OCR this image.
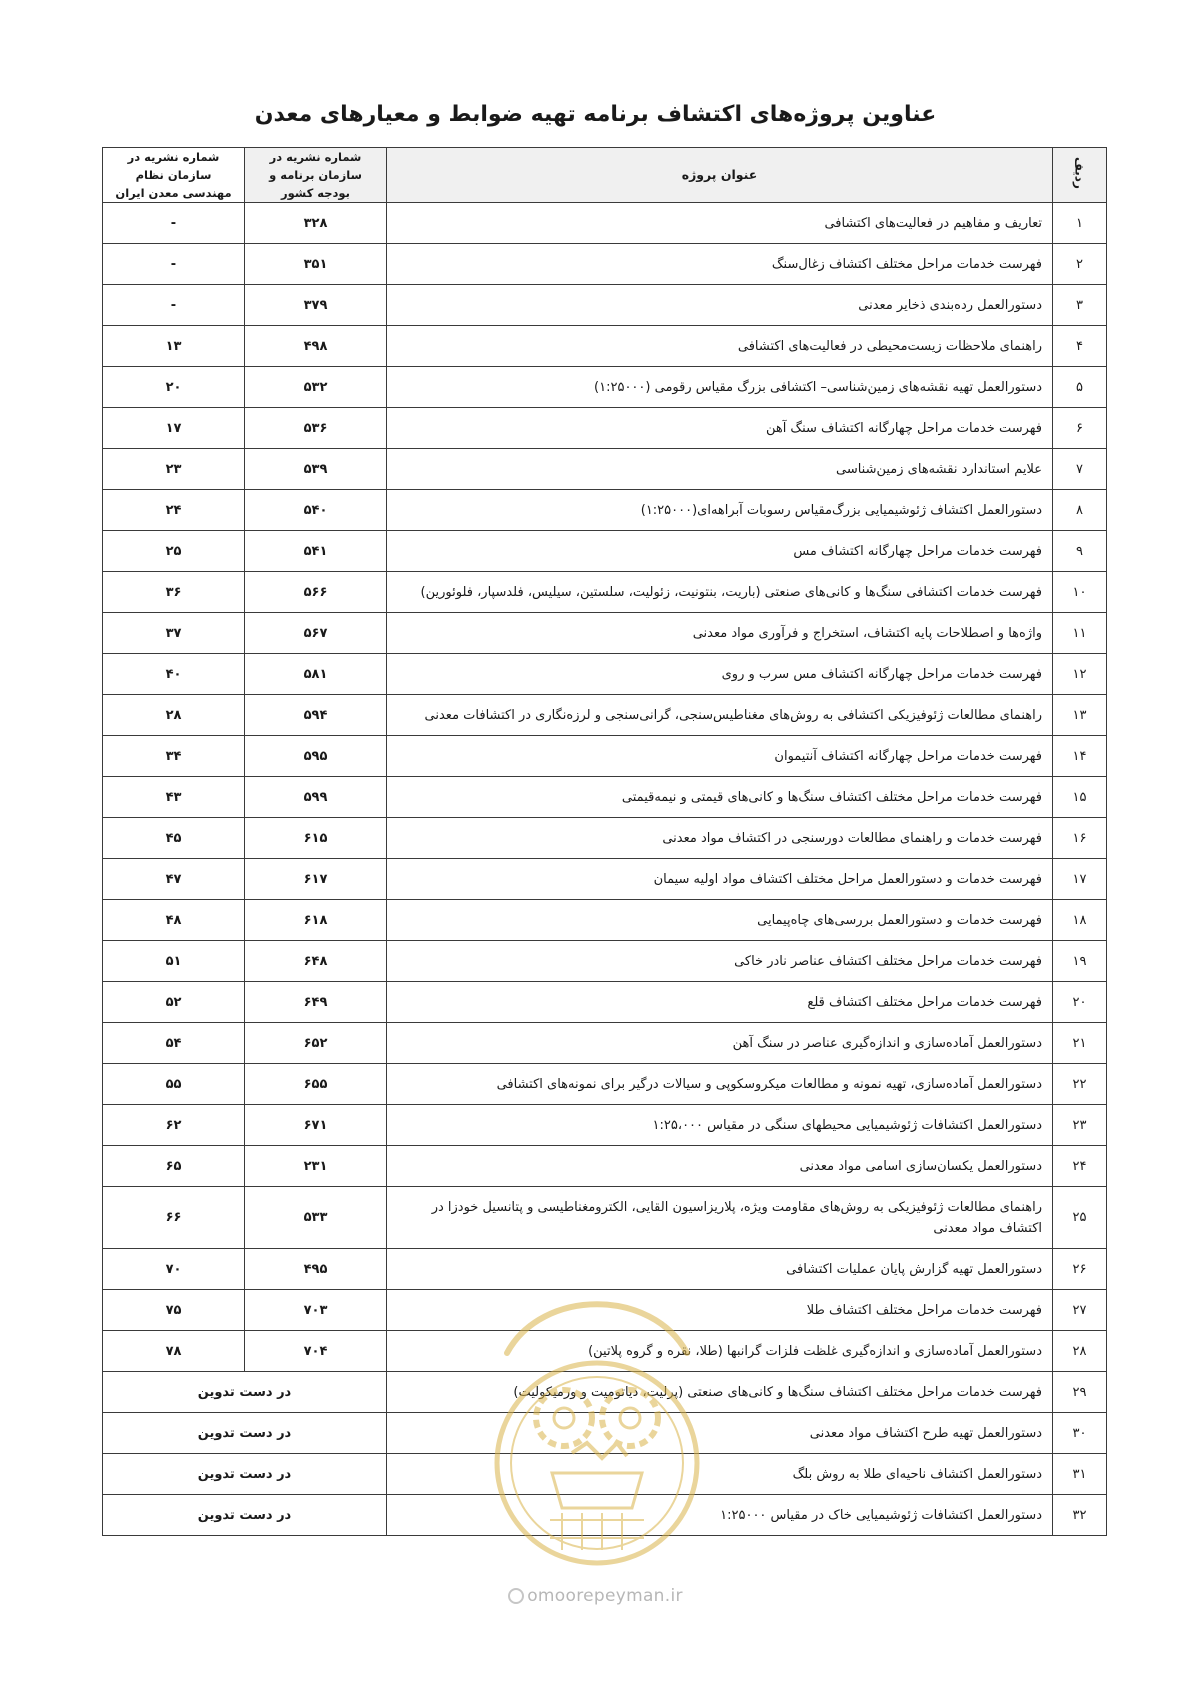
عناوین پروژه‌های اکتشاف برنامه تهیه ضوابط و معیارهای معدن
ردیف	عنوان پروژه	شماره نشریه در سازمان برنامه و بودجه کشور	شماره نشریه در سازمان نظام مهندسی معدن ایران
۱	تعاریف و مفاهیم در فعالیت‌های اکتشافی	۳۲۸	-
۲	فهرست خدمات مراحل مختلف اکتشاف زغال‌سنگ	۳۵۱	-
۳	دستورالعمل رده‌بندی ذخایر معدنی	۳۷۹	-
۴	راهنمای ملاحظات زیست‌محیطی در فعالیت‌های اکتشافی	۴۹۸	۱۳
۵	دستورالعمل تهیه نقشه‌های زمین‌شناسی– اکتشافی بزرگ مقیاس رقومی (۱:۲۵۰۰۰)	۵۳۲	۲۰
۶	فهرست خدمات مراحل چهارگانه اکتشاف سنگ آهن	۵۳۶	۱۷
۷	علایم استاندارد نقشه‌های زمین‌شناسی	۵۳۹	۲۳
۸	دستورالعمل اکتشاف ژئوشیمیایی بزرگ‌مقیاس رسوبات آبراهه‌ای(۱:۲۵۰۰۰)	۵۴۰	۲۴
۹	فهرست خدمات مراحل چهارگانه اکتشاف مس	۵۴۱	۲۵
۱۰	فهرست خدمات اکتشافی سنگ‌ها و کانی‌های صنعتی (باریت، بنتونیت، زئولیت، سلستین، سیلیس، فلدسپار، فلوئورین)	۵۶۶	۳۶
۱۱	واژه‌ها و اصطلاحات پایه اکتشاف، استخراج و فرآوری مواد معدنی	۵۶۷	۳۷
۱۲	فهرست خدمات مراحل چهارگانه اکتشاف مس سرب و روی	۵۸۱	۴۰
۱۳	راهنمای مطالعات ژئوفیزیکی اکتشافی به روش‌های مغناطیس‌سنجی، گرانی‌سنجی و لرزه‌نگاری در اکتشافات معدنی	۵۹۴	۲۸
۱۴	فهرست خدمات مراحل چهارگانه اکتشاف آنتیموان	۵۹۵	۳۴
۱۵	فهرست خدمات مراحل مختلف اکتشاف سنگ‌ها و کانی‌های قیمتی و نیمه‌قیمتی	۵۹۹	۴۳
۱۶	فهرست خدمات و راهنمای مطالعات دورسنجی در اکتشاف مواد معدنی	۶۱۵	۴۵
۱۷	فهرست خدمات و دستورالعمل مراحل مختلف اکتشاف مواد اولیه سیمان	۶۱۷	۴۷
۱۸	فهرست خدمات و دستورالعمل بررسی‌های چاه‌پیمایی	۶۱۸	۴۸
۱۹	فهرست خدمات مراحل مختلف اکتشاف عناصر نادر خاکی	۶۴۸	۵۱
۲۰	فهرست خدمات مراحل مختلف اکتشاف قلع	۶۴۹	۵۲
۲۱	دستورالعمل آماده‌سازی و اندازه‌گیری عناصر در سنگ آهن	۶۵۲	۵۴
۲۲	دستورالعمل آماده‌سازی، تهیه نمونه و مطالعات میکروسکوپی و سیالات درگیر برای نمونه‌های اکتشافی	۶۵۵	۵۵
۲۳	دستورالعمل اکتشافات ژئوشیمیایی محیطهای سنگی در مقیاس ۱:۲۵،۰۰۰	۶۷۱	۶۲
۲۴	دستورالعمل یکسان‌سازی اسامی مواد معدنی	۲۳۱	۶۵
۲۵	راهنمای مطالعات ژئوفیزیکی به روش‌های مقاومت ویژه، پلاریزاسیون القایی، الکترومغناطیسی و پتانسیل خودزا در اکتشاف مواد معدنی	۵۳۳	۶۶
۲۶	دستورالعمل تهیه گزارش پایان عملیات اکتشافی	۴۹۵	۷۰
۲۷	فهرست خدمات مراحل مختلف اکتشاف طلا	۷۰۳	۷۵
۲۸	دستورالعمل آماده‌سازی و اندازه‌گیری غلظت فلزات گرانبها (طلا، نقره و گروه پلاتین)	۷۰۴	۷۸
۲۹	فهرست خدمات مراحل مختلف اکتشاف سنگ‌ها و کانی‌های صنعتی (پرلیت، دیاتومیت و ورمیکولیت)	در دست تدوین	
۳۰	دستورالعمل تهیه طرح اکتشاف مواد معدنی	در دست تدوین	
۳۱	دستورالعمل اکتشاف ناحیه‌ای طلا به روش بلگ	در دست تدوین	
۳۲	دستورالعمل اکتشافات ژئوشیمیایی خاک در مقیاس ۱:۲۵۰۰۰	در دست تدوین	
omoorepeyman.ir
